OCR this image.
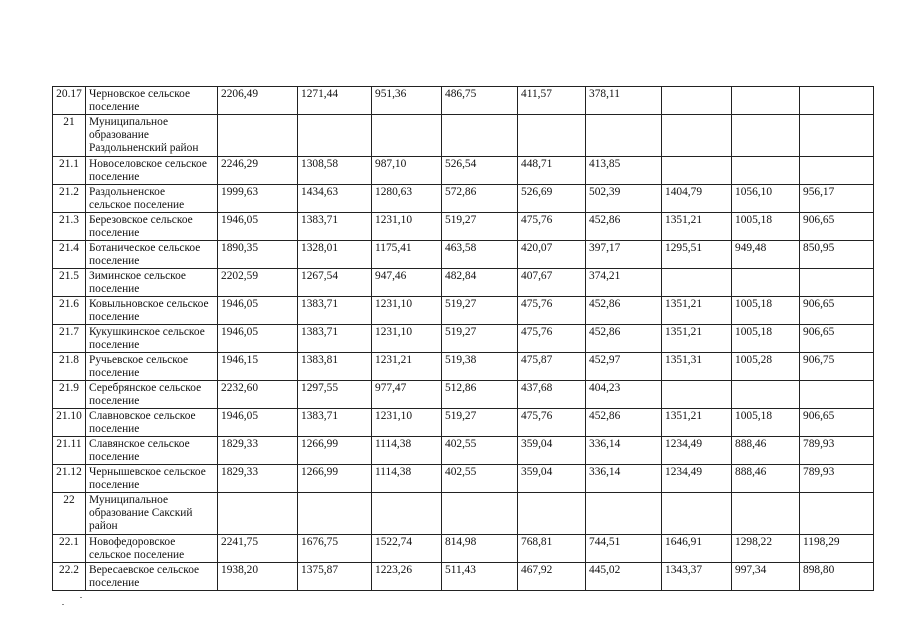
20.17	Черновское сельское
поселение	2206,49	1271,44	951,36	486,75	411,57	378,11			
21	Муниципальное
образование
Раздольненский район									
21.1	Новоселовское сельское
поселение	2246,29	1308,58	987,10	526,54	448,71	413,85			
21.2	Раздольненское
сельское поселение	1999,63	1434,63	1280,63	572,86	526,69	502,39	1404,79	1056,10	956,17
21.3	Березовское сельское
поселение	1946,05	1383,71	1231,10	519,27	475,76	452,86	1351,21	1005,18	906,65
21.4	Ботаническое сельское
поселение	1890,35	1328,01	1175,41	463,58	420,07	397,17	1295,51	949,48	850,95
21.5	Зиминское сельское
поселение	2202,59	1267,54	947,46	482,84	407,67	374,21			
21.6	Ковыльновское сельское
поселение	1946,05	1383,71	1231,10	519,27	475,76	452,86	1351,21	1005,18	906,65
21.7	Кукушкинское сельское
поселение	1946,05	1383,71	1231,10	519,27	475,76	452,86	1351,21	1005,18	906,65
21.8	Ручьевское сельское
поселение	1946,15	1383,81	1231,21	519,38	475,87	452,97	1351,31	1005,28	906,75
21.9	Серебрянское сельское
поселение	2232,60	1297,55	977,47	512,86	437,68	404,23			
21.10	Славновское сельское
поселение	1946,05	1383,71	1231,10	519,27	475,76	452,86	1351,21	1005,18	906,65
21.11	Славянское сельское
поселение	1829,33	1266,99	1114,38	402,55	359,04	336,14	1234,49	888,46	789,93
21.12	Чернышевское сельское
поселение	1829,33	1266,99	1114,38	402,55	359,04	336,14	1234,49	888,46	789,93
22	Муниципальное
образование Сакский
район									
22.1	Новофедоровское
сельское поселение	2241,75	1676,75	1522,74	814,98	768,81	744,51	1646,91	1298,22	1198,29
22.2	Вересаевское сельское
поселение	1938,20	1375,87	1223,26	511,43	467,92	445,02	1343,37	997,34	898,80
